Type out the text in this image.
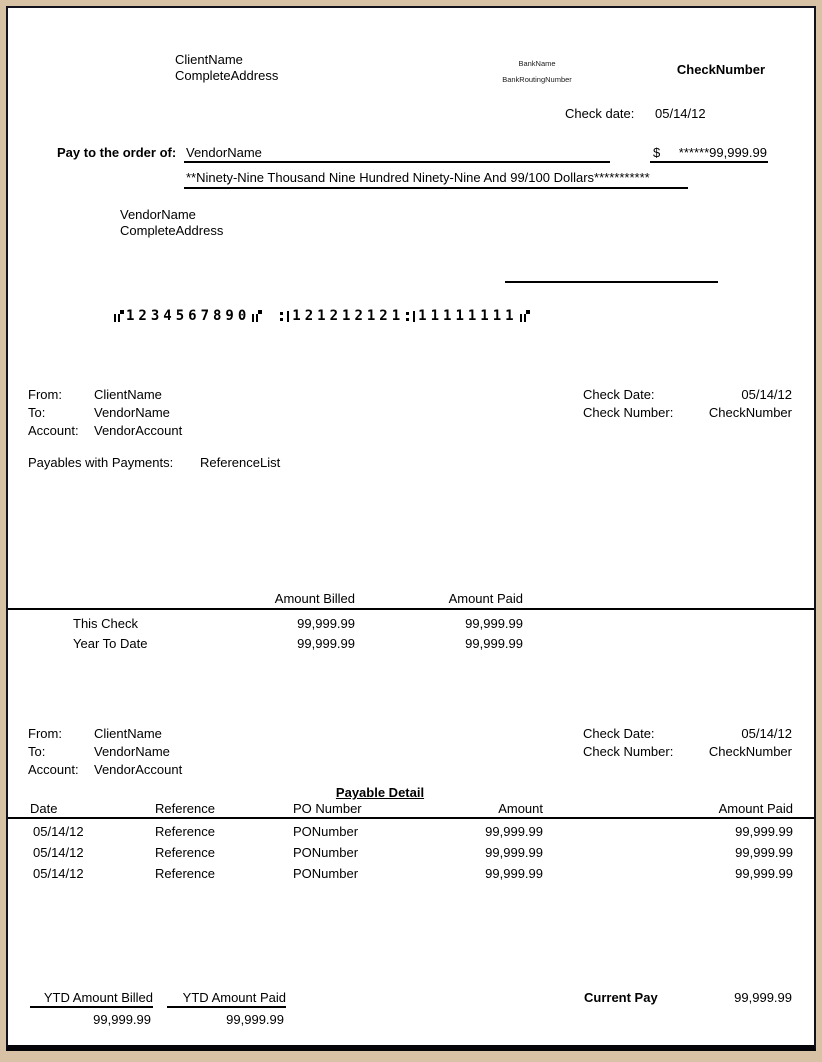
ClientName
CompleteAddress
BankName
BankRoutingNumber
CheckNumber
Check date: 05/14/12
Pay to the order of: VendorName	$	******99,999.99
**Ninety-Nine Thousand Nine Hundred Ninety-Nine And 99/100 Dollars***********
VendorName
CompleteAddress
1234567890	121212121 11111111
From: ClientName
To:	VendorName
Account: VendorAccount
Check Date:	05/14/12
Check Number:	CheckNumber
Payables with Payments: ReferenceList
Amount Billed	Amount Paid
This Check	99,999.99	99,999.99
Year To Date	99,999.99	99,999.99
From: ClientName
To:	VendorName
Account: VendorAccount
Check Date:	05/14/12
Check Number:	CheckNumber
Payable Detail
Date	Reference	PO Number	Amount	Amount Paid
05/14/12	Reference	PONumber	99,999.99	99,999.99
05/14/12	Reference	PONumber	99,999.99	99,999.99
05/14/12	Reference	PONumber	99,999.99	99,999.99
YTD Amount Billed	YTD Amount Paid
99,999.99	99,999.99
Current Pay	99,999.99
